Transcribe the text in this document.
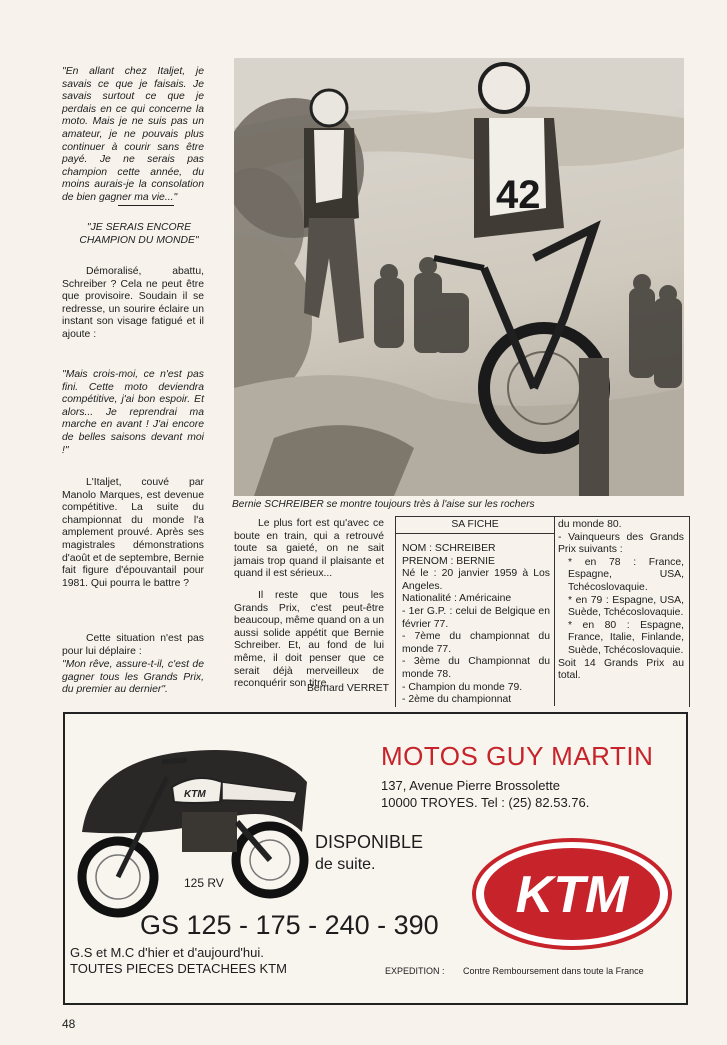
"En allant chez Italjet, je savais ce que je faisais. Je savais surtout ce que je perdais en ce qui concerne la moto. Mais je ne suis pas un amateur, je ne pouvais plus continuer à courir sans être payé. Je ne serais pas champion cette année, du moins aurais-je la consolation de bien gagner ma vie..."
"JE SERAIS ENCORE CHAMPION DU MONDE"
Démoralisé, abattu, Schreiber ? Cela ne peut être que provisoire. Soudain il se redresse, un sourire éclaire un instant son visage fatigué et il ajoute :
"Mais crois-moi, ce n'est pas fini. Cette moto deviendra compétitive, j'ai bon espoir. Et alors... Je reprendrai ma marche en avant ! J'ai encore de belles saisons devant moi !"
L'Italjet, couvé par Manolo Marques, est devenue compétitive. La suite du championnat du monde l'a amplement prouvé. Après ses magistrales démonstrations d'août et de septembre, Bernie fait figure d'épouvantail pour 1981. Qui pourra le battre ?
Cette situation n'est pas pour lui déplaire :
"Mon rêve, assure-t-il, c'est de gagner tous les Grands Prix, du premier au dernier".
42
Bernie SCHREIBER se montre toujours très à l'aise sur les rochers
Le plus fort est qu'avec ce boute en train, qui a retrouvé toute sa gaieté, on ne sait jamais trop quand il plaisante et quand il est sérieux...
Il reste que tous les Grands Prix, c'est peut-être beaucoup, même quand on a un aussi solide appétit que Bernie Schreiber. Et, au fond de lui même, il doit penser que ce serait déjà merveilleux de reconquérir son titre.
Bernard VERRET
SA FICHE
NOM : SCHREIBER
PRENOM : BERNIE
Né le : 20 janvier 1959 à Los Angeles.
Nationalité : Américaine
- 1er G.P. : celui de Belgique en février 77.
- 7ème du championnat du monde 77.
- 3ème du Championnat du monde 78.
- Champion du monde 79.
- 2ème du championnat
du monde 80.
- Vainqueurs des Grands Prix suivants :
* en 78 : France, Espagne, USA, Tchécoslovaquie.
* en 79 : Espagne, USA, Suède, Tchécoslovaquie.
* en 80 : Espagne, France, Italie, Finlande, Suède, Tchécoslovaquie.
Soit 14 Grands Prix au total.
KTM
125 RV
MOTOS GUY MARTIN
137, Avenue Pierre Brossolette
10000 TROYES. Tel : (25) 82.53.76.
DISPONIBLE
de suite.
KTM
GS 125 - 175 - 240 - 390
G.S et M.C d'hier et d'aujourd'hui.
TOUTES PIECES DETACHEES KTM	EXPEDITION : Contre Remboursement dans toute la France
48
